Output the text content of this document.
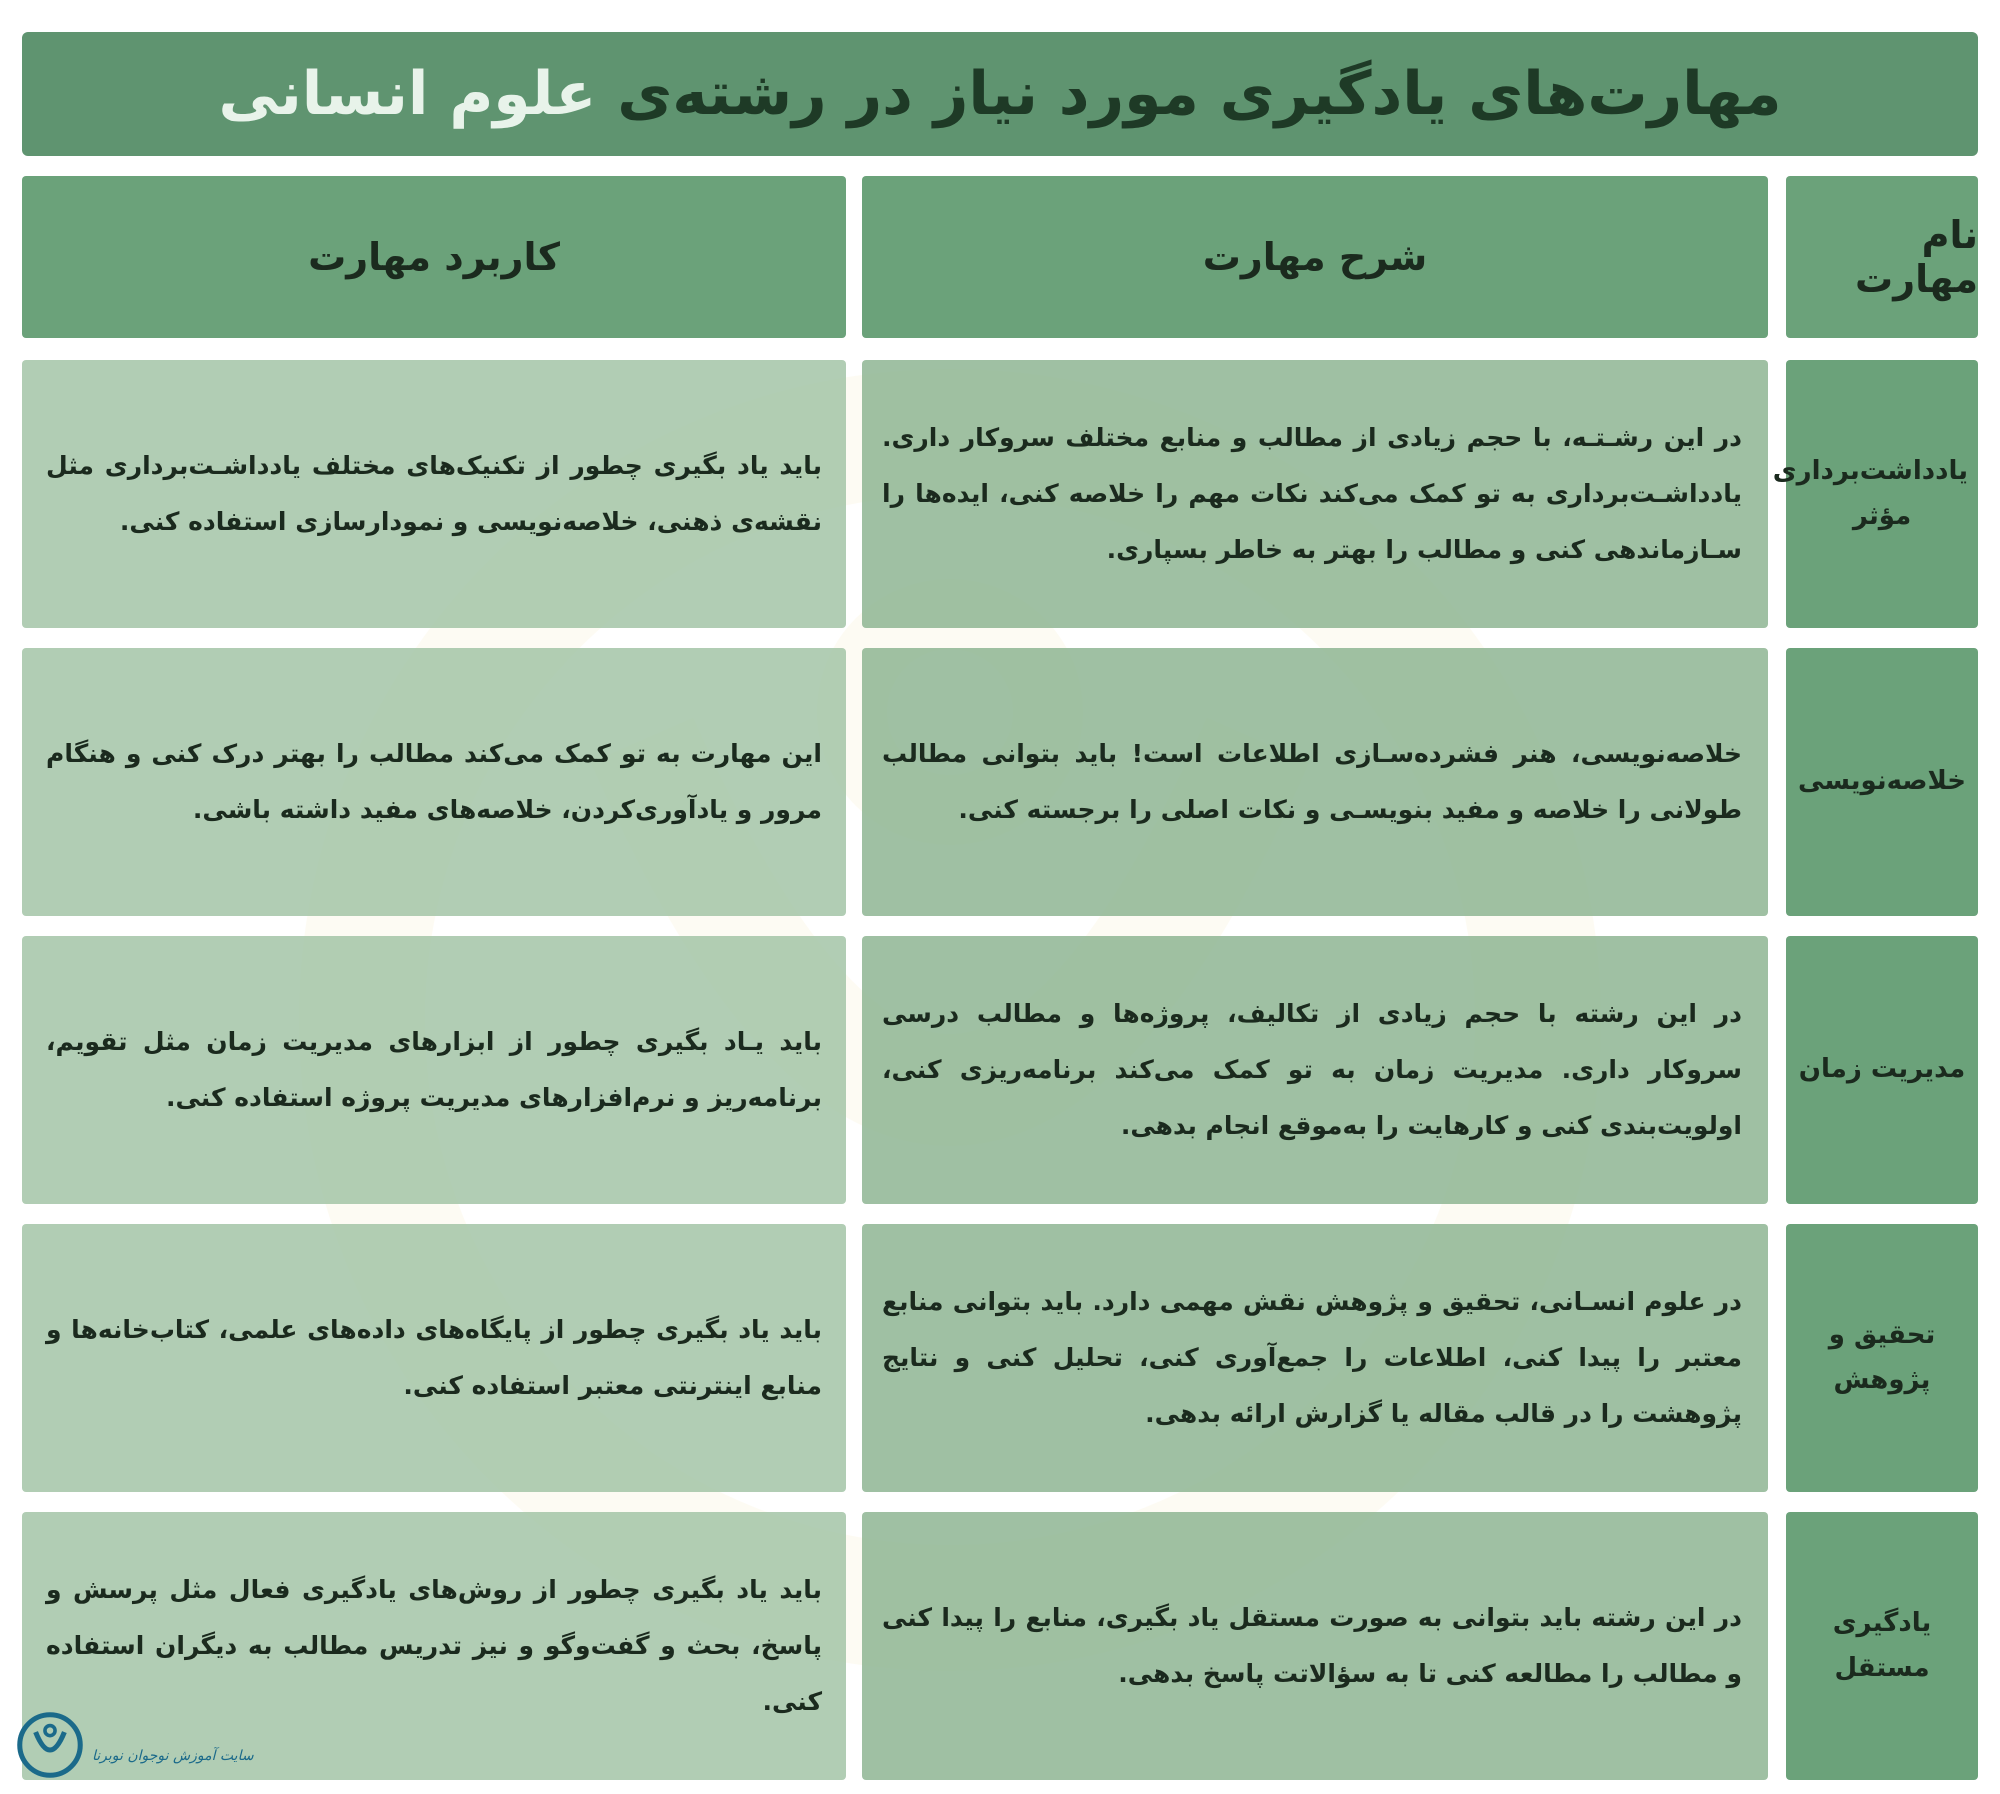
مهارت‌های یادگیری مورد نیاز در رشته‌ی علوم انسانی
نام مهارت
شرح مهارت
کاربرد مهارت

یادداشت‌برداری مؤثر

در این رشـتـه، با حجم زیادی از مطالب و منابع مختلف سروکار داری. یادداشـت‌برداری به تو کمک می‌کند نکات مهم را خلاصه کنی، ایده‌ها را سـازماندهی کنی و مطالب را بهتر به خاطر بسپاری.

باید یاد بگیری چطور از تکنیک‌های مختلف یادداشـت‌برداری مثل نقشه‌ی ذهنی، خلاصه‌نویسی و نمودارسازی استفاده کنی.

خلاصه‌نویسی

خلاصه‌نویسی، هنر فشرده‌سـازی اطلاعات است! باید بتوانی مطالب طولانی را خلاصه و مفید بنویسـی و نکات اصلی را برجسته کنی.

این مهارت به تو کمک می‌کند مطالب را بهتر درک کنی و هنگام مرور و یادآوری‌کردن، خلاصه‌های مفید داشته باشی.

مدیریت زمان

در این رشته با حجم زیادی از تکالیف، پروژه‌ها و مطالب درسی سروکار داری. مدیریت زمان به تو کمک می‌کند برنامه‌ریزی کنی، اولویت‌بندی کنی و کارهایت را به‌موقع انجام بدهی.

باید یـاد بگیری چطور از ابزارهای مدیریت زمان مثل تقویم، برنامه‌ریز و نرم‌افزارهای مدیریت پروژه استفاده کنی.

تحقیق و پژوهش

در علوم انسـانی، تحقیق و پژوهش نقش مهمی دارد. باید بتوانی منابع معتبر را پیدا کنی، اطلاعات را جمع‌آوری کنی، تحلیل کنی و نتایج پژوهشت را در قالب مقاله یا گزارش ارائه بدهی.

باید یاد بگیری چطور از پایگاه‌های داده‌های علمی، کتاب‌خانه‌ها و منابع اینترنتی معتبر استفاده کنی.

یادگیری مستقل

در این رشته باید بتوانی به صورت مستقل یاد بگیری، منابع را پیدا کنی و مطالب را مطالعه کنی تا به سؤالاتت پاسخ بدهی.

باید یاد بگیری چطور از روش‌های یادگیری فعال مثل پرسش و پاسخ، بحث و گفت‌وگو و نیز تدریس مطالب به دیگران استفاده کنی.

سایت آموزش نوجوان نوبرنا
